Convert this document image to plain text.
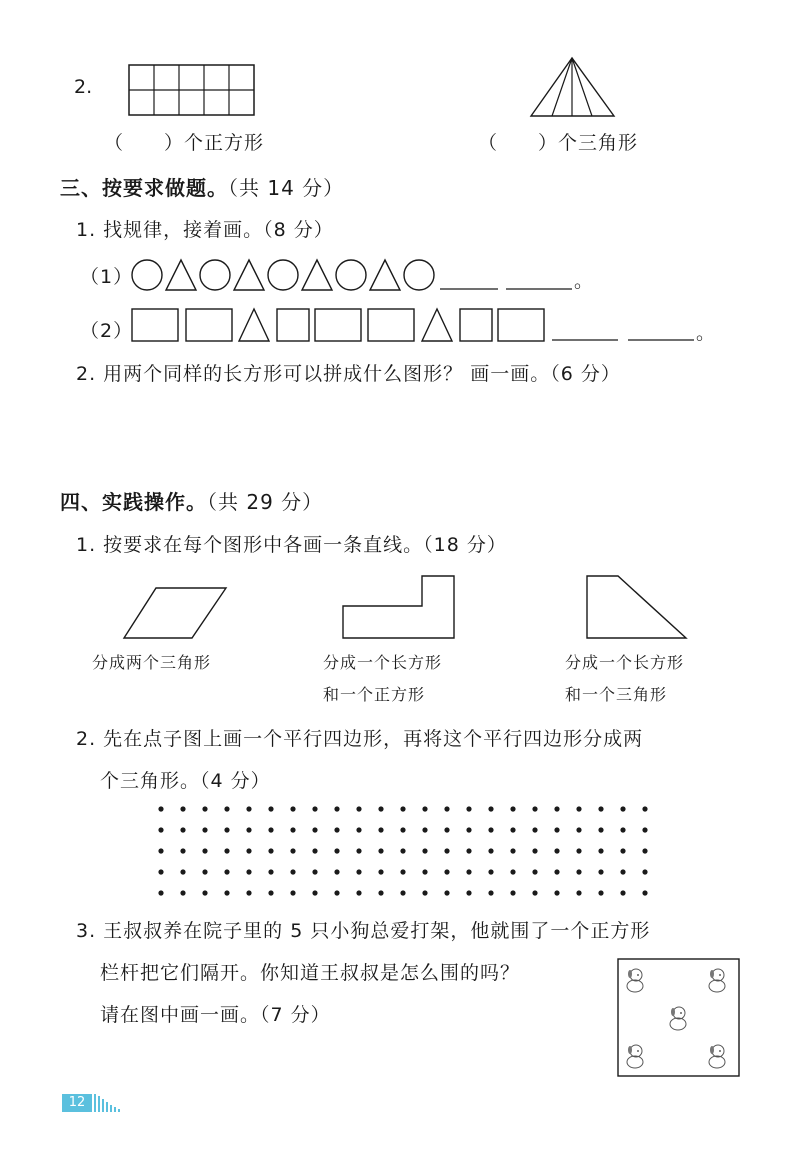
2.
（　　）个正方形	（　　）个三角形
三、按要求做题。（共 14 分）
1. 找规律，接着画。（8 分）
（1）	。
（2）	。
2. 用两个同样的长方形可以拼成什么图形？ 画一画。（6 分）
四、实践操作。（共 29 分）
1. 按要求在每个图形中各画一条直线。（18 分）
分成两个三角形	分成一个长方形
和一个正方形
分成一个长方形
和一个三角形
2. 先在点子图上画一个平行四边形，再将这个平行四边形分成两
个三角形。（4 分）
3. 王叔叔养在院子里的 5 只小狗总爱打架，他就围了一个正方形
栏杆把它们隔开。你知道王叔叔是怎么围的吗？
请在图中画一画。（7 分）
12
